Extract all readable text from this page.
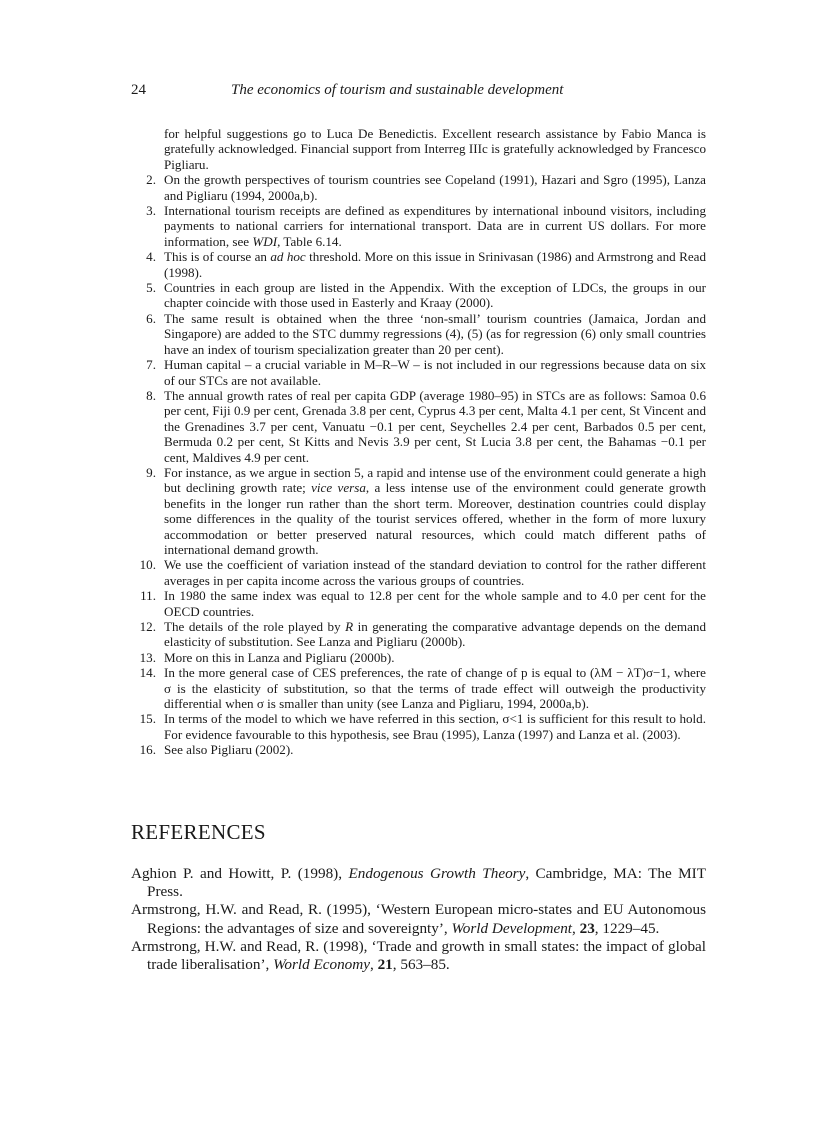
24	The economics of tourism and sustainable development
for helpful suggestions go to Luca De Benedictis. Excellent research assistance by Fabio Manca is gratefully acknowledged. Financial support from Interreg IIIc is gratefully acknowledged by Francesco Pigliaru.
2. On the growth perspectives of tourism countries see Copeland (1991), Hazari and Sgro (1995), Lanza and Pigliaru (1994, 2000a,b).
3. International tourism receipts are defined as expenditures by international inbound visitors, including payments to national carriers for international transport. Data are in current US dollars. For more information, see WDI, Table 6.14.
4. This is of course an ad hoc threshold. More on this issue in Srinivasan (1986) and Armstrong and Read (1998).
5. Countries in each group are listed in the Appendix. With the exception of LDCs, the groups in our chapter coincide with those used in Easterly and Kraay (2000).
6. The same result is obtained when the three ‘non-small’ tourism countries (Jamaica, Jordan and Singapore) are added to the STC dummy regressions (4), (5) (as for regression (6) only small countries have an index of tourism specialization greater than 20 per cent).
7. Human capital – a crucial variable in M–R–W – is not included in our regressions because data on six of our STCs are not available.
8. The annual growth rates of real per capita GDP (average 1980–95) in STCs are as follows: Samoa 0.6 per cent, Fiji 0.9 per cent, Grenada 3.8 per cent, Cyprus 4.3 per cent, Malta 4.1 per cent, St Vincent and the Grenadines 3.7 per cent, Vanuatu −0.1 per cent, Seychelles 2.4 per cent, Barbados 0.5 per cent, Bermuda 0.2 per cent, St Kitts and Nevis 3.9 per cent, St Lucia 3.8 per cent, the Bahamas −0.1 per cent, Maldives 4.9 per cent.
9. For instance, as we argue in section 5, a rapid and intense use of the environment could generate a high but declining growth rate; vice versa, a less intense use of the environment could generate growth benefits in the longer run rather than the short term. Moreover, destination countries could display some differences in the quality of the tourist services offered, whether in the form of more luxury accommodation or better preserved natural resources, which could match different paths of international demand growth.
10. We use the coefficient of variation instead of the standard deviation to control for the rather different averages in per capita income across the various groups of countries.
11. In 1980 the same index was equal to 12.8 per cent for the whole sample and to 4.0 per cent for the OECD countries.
12. The details of the role played by R in generating the comparative advantage depends on the demand elasticity of substitution. See Lanza and Pigliaru (2000b).
13. More on this in Lanza and Pigliaru (2000b).
14. In the more general case of CES preferences, the rate of change of p is equal to (λM − λT)σ−1, where σ is the elasticity of substitution, so that the terms of trade effect will outweigh the productivity differential when σ is smaller than unity (see Lanza and Pigliaru, 1994, 2000a,b).
15. In terms of the model to which we have referred in this section, σ<1 is sufficient for this result to hold. For evidence favourable to this hypothesis, see Brau (1995), Lanza (1997) and Lanza et al. (2003).
16. See also Pigliaru (2002).
REFERENCES
Aghion P. and Howitt, P. (1998), Endogenous Growth Theory, Cambridge, MA: The MIT Press.
Armstrong, H.W. and Read, R. (1995), ‘Western European micro-states and EU Autonomous Regions: the advantages of size and sovereignty’, World Development, 23, 1229–45.
Armstrong, H.W. and Read, R. (1998), ‘Trade and growth in small states: the impact of global trade liberalisation’, World Economy, 21, 563–85.
